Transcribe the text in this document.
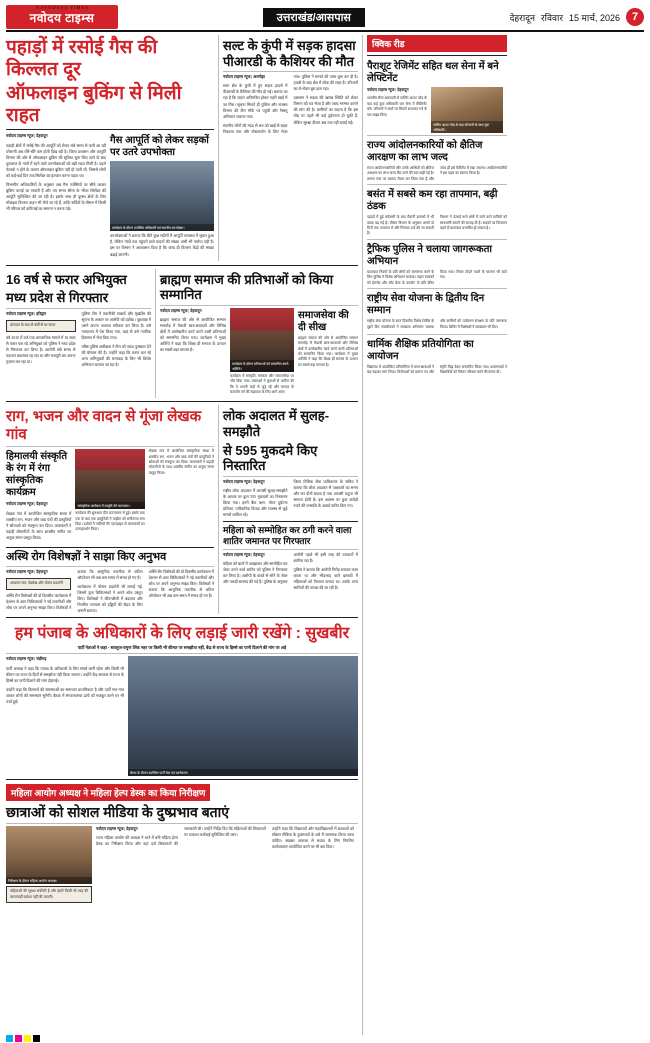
नवोदय टाइम्स
NAVODAYA TIMES
उत्तराखंड/आसपास	देहरादून रविवार 15 मार्च, 2026	7
पहाड़ों में रसोई गैस की किल्लत दूर
ऑफलाइन बुकिंग से मिली राहत

नवोदय टाइम्स न्यूज | देहरादून

पहाड़ी क्षेत्रों में रसोई गैस की आपूर्ति को लेकर लंबे समय से चली आ रही परेशानी अब धीरे-धीरे कम होती दिख रही है। जिला प्रशासन और आपूर्ति विभाग की ओर से ऑफलाइन बुकिंग की सुविधा शुरू किए जाने के बाद दूरदराज के गांवों में रहने वाले उपभोक्ताओं को बड़ी राहत मिली है। पहले नेटवर्क न होने के कारण ऑनलाइन बुकिंग नहीं हो पाती थी, जिससे लोगों को कई-कई दिन तक सिलेंडर का इंतजार करना पड़ता था।

विभागीय अधिकारियों के अनुसार अब गैस एजेंसियों पर सीधे जाकर बुकिंग कराई जा सकती है और तय समय सीमा के भीतर सिलेंडर की आपूर्ति सुनिश्चित की जा रही है। इसके साथ ही दूरस्थ क्षेत्रों के लिए मोबाइल वितरण वाहन भी भेजे जा रहे हैं, ताकि सर्दियों के मौसम में किसी भी परिवार को कठिनाई का सामना न करना पड़े।

गैस आपूर्ति को लेकर सड़कों पर उतरे उपभोक्ता
कार्यक्रम के दौरान उपस्थित अधिकारी एवं स्थानीय उपभोक्ता।

उपभोक्ताओं ने बताया कि बीते कुछ महीनों में आपूर्ति व्यवस्था में सुधार हुआ है, लेकिन गांवों तक पहुंचने वाले वाहनों की संख्या अभी भी पर्याप्त नहीं है। इस पर विभाग ने आश्वासन दिया है कि जल्द ही वितरण केंद्रों की संख्या बढ़ाई जाएगी।

सल्ट के कुंपी में सड़क हादसा पीआरडी के कैशियर की मौत

नवोदय टाइम्स न्यूज | अल्मोड़ा

सल्ट क्षेत्र के कुंपी में हुए सड़क हादसे में पीआरडी के कैशियर की मौत हो गई। बताया जा रहा है कि वाहन अनियंत्रित होकर गहरी खाई में जा गिरा। सूचना मिलते ही पुलिस और राजस्व विभाग की टीम मौके पर पहुंची और रेस्क्यू अभियान चलाया गया।

स्थानीय लोगों की मदद से शव को खाई से बाहर निकाला गया और पोस्टमार्टम के लिए भेजा गया। पुलिस ने मामले की जांच शुरू कर दी है। हादसे के बाद क्षेत्र में शोक की लहर है। परिजनों का रो-रोकर बुरा हाल रहा।

प्रशासन ने सड़क की खराब स्थिति को लेकर विभाग को पत्र भेजा है और जल्द मरम्मत कराने की मांग की है। ग्रामीणों का कहना है कि इस मोड़ पर पहले भी कई दुर्घटनाएं हो चुकी हैं, लेकिन सुरक्षा दीवार अब तक नहीं बनाई गई।

16 वर्ष से फरार अभियुक्त
मध्य प्रदेश से गिरफ्तार

नवोदय टाइम्स न्यूज | हरिद्वार

वारदात के बाद से वर्षों से था फरार

वर्ष 2010 में दर्ज एक आपराधिक मामले में 16 साल से फरार चल रहे अभियुक्त को पुलिस ने मध्य प्रदेश से गिरफ्तार कर लिया है। आरोपी लंबे समय से पहचान बदलकर रह रहा था और मजदूरी कर अपना गुजारा कर रहा था।

पुलिस टीम ने तकनीकी साक्ष्यों और मुखबिर की सूचना के आधार पर आरोपी को दबोचा। पूछताछ में उसने अपना अपराध स्वीकार कर लिया है। उसे न्यायालय में पेश किया गया, जहां से उसे न्यायिक हिरासत में भेज दिया गया।

वरिष्ठ पुलिस अधीक्षक ने टीम को नकद पुरस्कार देने की घोषणा की है। उन्होंने कहा कि फरार चल रहे अन्य अभियुक्तों की धरपकड़ के लिए भी विशेष अभियान चलाया जा रहा है।

ब्राह्मण समाज की प्रतिभाओं को किया सम्मानित

नवोदय टाइम्स न्यूज | देहरादून

ब्राह्मण समाज की ओर से आयोजित सम्मान समारोह में मेधावी छात्र-छात्राओं और विभिन्न क्षेत्रों में उल्लेखनीय कार्य करने वाली प्रतिभाओं को सम्मानित किया गया। कार्यक्रम में मुख्य अतिथि ने कहा कि शिक्षा ही समाज के उत्थान का सबसे बड़ा माध्यम है।

कार्यक्रम के दौरान प्रतिभाओं को सम्मानित करते अतिथि।

कार्यक्रम में संस्कृति, संस्कार और समाजसेवा पर जोर दिया गया। वक्ताओं ने युवाओं से अपील की कि वे अपनी जड़ों से जुड़े रहें और समाज के कमजोर वर्ग की सहायता के लिए आगे आएं।

समाजसेवा की दी सीख

ब्राह्मण समाज की ओर से आयोजित सम्मान समारोह में मेधावी छात्र-छात्राओं और विभिन्न क्षेत्रों में उल्लेखनीय कार्य करने वाली प्रतिभाओं को सम्मानित किया गया। कार्यक्रम में मुख्य अतिथि ने कहा कि शिक्षा ही समाज के उत्थान का सबसे बड़ा माध्यम है।

राग, भजन और वादन से गूंजा लेखक गांव
हिमालयी संस्कृति के रंग में रंगा सांस्कृतिक कार्यक्रम

नवोदय टाइम्स न्यूज | देहरादून

लेखक गांव में आयोजित सांस्कृतिक संध्या में शास्त्रीय राग, भजन और वाद्य यंत्रों की प्रस्तुतियों ने श्रोताओं को मंत्रमुग्ध कर दिया। कलाकारों ने पहाड़ी लोकगीतों के साथ शास्त्रीय संगीत का अनूठा संगम प्रस्तुत किया।

सांस्कृतिक कार्यक्रम में प्रस्तुति देते कलाकार।

कार्यक्रम की शुरुआत दीप प्रज्ज्वलन से हुई। इसके बाद एक के बाद एक प्रस्तुतियों ने माहौल को संगीतमय बना दिया। दर्शकों ने तालियों की गड़गड़ाहट से कलाकारों का उत्साहवर्धन किया।

लेखक गांव में आयोजित सांस्कृतिक संध्या में शास्त्रीय राग, भजन और वाद्य यंत्रों की प्रस्तुतियों ने श्रोताओं को मंत्रमुग्ध कर दिया। कलाकारों ने पहाड़ी लोकगीतों के साथ शास्त्रीय संगीत का अनूठा संगम प्रस्तुत किया।

अस्थि रोग विशेषज्ञों ने साझा किए अनुभव

नवोदय टाइम्स न्यूज | देहरादून

अध्ययन सत्र, देखरेख और पोस्टर प्रदर्शनी

अस्थि रोग विशेषज्ञों की दो दिवसीय कार्यशाला में देशभर से आए चिकित्सकों ने नई तकनीकों और शोध पर अपने अनुभव साझा किए। विशेषज्ञों ने बताया कि आधुनिक तकनीक से जटिल ऑपरेशन भी अब कम समय में संभव हो गए हैं।

कार्यशाला में पोस्टर प्रदर्शनी भी लगाई गई, जिसमें युवा चिकित्सकों ने अपने शोध प्रस्तुत किए। विशेषज्ञों ने जीवनशैली में बदलाव और नियमित व्यायाम को हड्डियों की सेहत के लिए जरूरी बताया।

अस्थि रोग विशेषज्ञों की दो दिवसीय कार्यशाला में देशभर से आए चिकित्सकों ने नई तकनीकों और शोध पर अपने अनुभव साझा किए। विशेषज्ञों ने बताया कि आधुनिक तकनीक से जटिल ऑपरेशन भी अब कम समय में संभव हो गए हैं।

लोक अदालत में सुलह-समझौते
से 595 मुकदमे किए निस्तारित

नवोदय टाइम्स न्यूज | देहरादून

राष्ट्रीय लोक अदालत में आपसी सुलह-समझौते के आधार पर कुल 595 मुकदमों का निस्तारण किया गया। इनमें बैंक ऋण, मोटर दुर्घटना प्रतिकर, पारिवारिक विवाद और राजस्व से जुड़े मामले शामिल रहे।

जिला विधिक सेवा प्राधिकरण के सचिव ने बताया कि लोक अदालत से पक्षकारों का समय और धन दोनों बचता है तथा आपसी कटुता भी समाप्त होती है। इस अवसर पर कुल करोड़ों रुपये की धनराशि के अवार्ड पारित किए गए।

महिला को सम्मोहित कर ठगी करने वाला शातिर जमानत पर गिरफ्तार

नवोदय टाइम्स न्यूज | देहरादून

महिला को बातों में उलझाकर और सम्मोहित कर जेवर ठगने वाले शातिर को पुलिस ने गिरफ्तार कर लिया है। आरोपी के कब्जे से सोने के जेवर और नकदी बरामद की गई है। पुलिस के अनुसार आरोपी पहले भी इसी तरह की वारदातों में शामिल रहा है।

पुलिस ने बताया कि आरोपी गिरोह बनाकर काम करता था और भीड़भाड़ वाले इलाकों में महिलाओं को निशाना बनाता था। उसके अन्य साथियों की तलाश की जा रही है।

हम पंजाब के अधिकारों के लिए लड़ाई जारी रखेंगे : सुखबीर
पार्टी नेताओं ने कहा - सतलुज-यमुना लिंक नहर पर किसी भी कीमत पर समझौता नहीं, केंद्र से राज्य के हिस्से का पानी दिलाने की मांग पर अड़े

नवोदय टाइम्स न्यूज | चंडीगढ़

पार्टी अध्यक्ष ने कहा कि पंजाब के अधिकारों के लिए संघर्ष जारी रहेगा और किसी भी कीमत पर राज्य के हितों से समझौता नहीं किया जाएगा। उन्होंने केंद्र सरकार से राज्य के हिस्से का पानी दिलाने की मांग दोहराई।

उन्होंने कहा कि किसानों की समस्याओं का समाधान प्राथमिकता है और पार्टी गांव-गांव जाकर लोगों की समस्याएं सुनेगी। बैठक में संगठनात्मक ढांचे को मजबूत करने पर भी चर्चा हुई।

बैठक के दौरान उपस्थित पार्टी नेता एवं कार्यकर्ता।
महिला आयोग अध्यक्ष ने महिला हेल्प डेस्क का किया निरीक्षण
छात्राओं को सोशल मीडिया के दुष्प्रभाव बताएं
निरीक्षण के दौरान महिला आयोग अध्यक्ष।

महिलाओं की सुरक्षा सर्वोपरि है और इसमें किसी भी तरह की लापरवाही बर्दाश्त नहीं की जाएगी।

नवोदय टाइम्स न्यूज | देहरादून

राज्य महिला आयोग की अध्यक्ष ने थाने में बनी महिला हेल्प डेस्क का निरीक्षण किया और वहां दर्ज शिकायतों की जानकारी ली। उन्होंने निर्देश दिए कि महिलाओं की शिकायतों पर तत्काल कार्रवाई सुनिश्चित की जाए।

उन्होंने कहा कि विद्यालयों और महाविद्यालयों में छात्राओं को सोशल मीडिया के दुष्प्रभावों के बारे में जागरूक किया जाना चाहिए। साइबर अपराध से बचाव के लिए नियमित कार्यशालाएं आयोजित करने पर भी बल दिया।

क्विक रीड
पैराशूट रेजिमेंट सहित थल सेना में बने लेफ्टिनेंट

नवोदय टाइम्स न्यूज | देहरादून

भारतीय सैन्य अकादमी से पासिंग आउट परेड के बाद कई युवा अधिकारी थल सेना में लेफ्टिनेंट बने। परिजनों ने कंधों पर सितारे सजाकर गर्व के पल साझा किए।

पासिंग आउट परेड के बाद परिजनों के साथ युवा अधिकारी।
राज्य आंदोलनकारियों को क्षैतिज आरक्षण का लाभ जल्द

राज्य आंदोलनकारियों और उनके आश्रितों को क्षैतिज आरक्षण का लाभ जल्द दिए जाने की बात कही गई है। शासन स्तर पर प्रस्ताव तैयार कर लिया गया है और जल्द ही इसे कैबिनेट में रखा जाएगा। आंदोलनकारियों ने इस पहल का स्वागत किया है।

बसंत में सबसे कम रहा तापमान, बढ़ी ठंडक

पहाड़ों में हुई बर्फबारी के बाद मैदानी इलाकों में भी ठंडक बढ़ गई है। मौसम विभाग के अनुसार अगले दो दिनों तक तापमान में और गिरावट दर्ज की जा सकती है।

विभाग ने ऊंचाई वाले क्षेत्रों में जाने वाले यात्रियों को सावधानी बरतने की सलाह दी है। सड़कों पर फिसलन बढ़ने से यातायात प्रभावित हो सकता है।

ट्रैफिक पुलिस ने चलाया जागरूकता अभियान

यातायात नियमों के प्रति लोगों को जागरूक करने के लिए पुलिस ने विशेष अभियान चलाया। वाहन चालकों को हेलमेट और सीट बेल्ट के उपयोग के प्रति प्रेरित किया गया। नियम तोड़ने वालों के चालान भी काटे गए।

राष्ट्रीय सेवा योजना के द्वितीय दिन सम्मान

राष्ट्रीय सेवा योजना के सात दिवसीय विशेष शिविर के दूसरे दिन स्वयंसेवकों ने स्वच्छता अभियान चलाया और ग्रामीणों को पर्यावरण संरक्षण के प्रति जागरूक किया। शिविर में विशेषज्ञों ने व्याख्यान भी दिए।

धार्मिक शैक्षिक प्रतियोगिता का आयोजन

विद्यालय में आयोजित प्रतियोगिता में छात्र-छात्राओं ने बढ़-चढ़कर भाग लिया। विजेताओं को प्रमाण पत्र और स्मृति चिह्न देकर सम्मानित किया गया। प्रधानाचार्य ने विद्यार्थियों को निरंतर परिश्रम करने की प्रेरणा दी।
